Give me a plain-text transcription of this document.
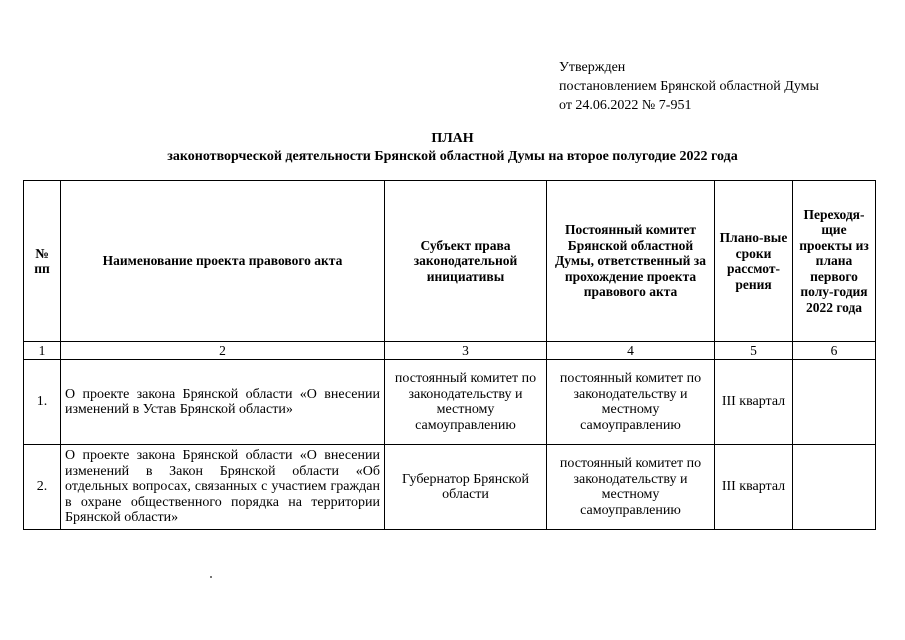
Утвержден
постановлением Брянской областной Думы
от 24.06.2022 № 7-951
ПЛАН
законотворческой деятельности Брянской областной Думы на второе полугодие 2022 года
№ пп	Наименование проекта правового акта	Субъект права законодательной инициативы	Постоянный комитет Брянской областной Думы, ответственный за прохождение проекта правового акта	Плано-вые сроки рассмот-рения	Переходя-щие проекты из плана первого полу-годия 2022 года
1	2	3	4	5	6
1.	О проекте закона Брянской области «О внесении изменений в Устав Брянской области»	постоянный комитет по законодательству и местному самоуправлению	постоянный комитет по законодательству и местному самоуправлению	III квартал	
2.	О проекте закона Брянской области «О внесении изменений в Закон Брянской области «Об отдельных вопросах, связанных с участием граждан в охране общественного порядка на территории Брянской области»	Губернатор Брянской области	постоянный комитет по законодательству и местному самоуправлению	III квартал	
